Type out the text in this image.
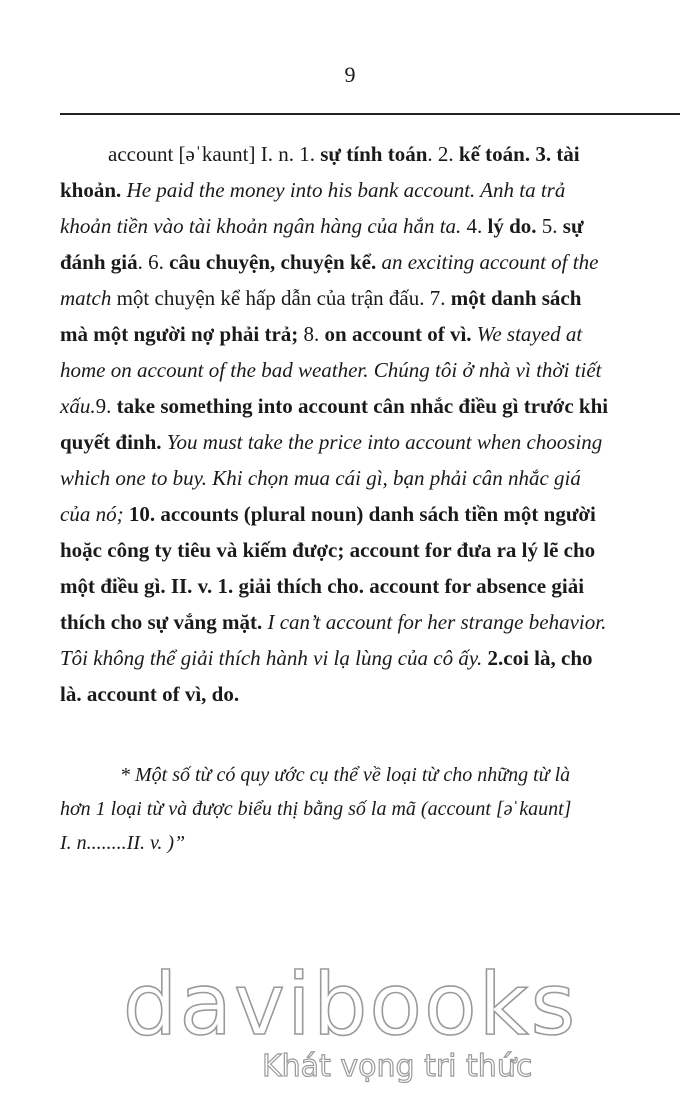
9
account [əˈkaunt] I. n. 1. sự tính toán. 2. kế toán. 3. tài
khoản. He paid the money into his bank account. Anh ta trả
khoản tiền vào tài khoản ngân hàng của hắn ta. 4. lý do. 5. sự
đánh giá. 6. câu chuyện, chuyện kể. an exciting account of the
match một chuyện kể hấp dẫn của trận đấu. 7. một danh sách
mà một người nợ phải trả; 8. on account of vì. We stayed at
home on account of the bad weather. Chúng tôi ở nhà vì thời tiết
xấu.9. take something into account cân nhắc điều gì trước khi
quyết đinh. You must take the price into account when choosing
which one to buy. Khi chọn mua cái gì, bạn phải cân nhắc giá
của nó; 10. accounts (plural noun) danh sách tiền một người
hoặc công ty tiêu và kiếm được; account for đưa ra lý lẽ cho
một điều gì. II. v. 1. giải thích cho. account for absence giải
thích cho sự vắng mặt. I can’t account for her strange behavior.
Tôi không thể giải thích hành vi lạ lùng của cô ấy. 2.coi là, cho
là. account of vì, do.
* Một số từ có quy ước cụ thể về loại từ cho những từ là
hơn 1 loại từ và được biểu thị bằng số la mã (account [əˈkaunt]
I. n........II. v. )”
davibooks
Khát vọng tri thức
